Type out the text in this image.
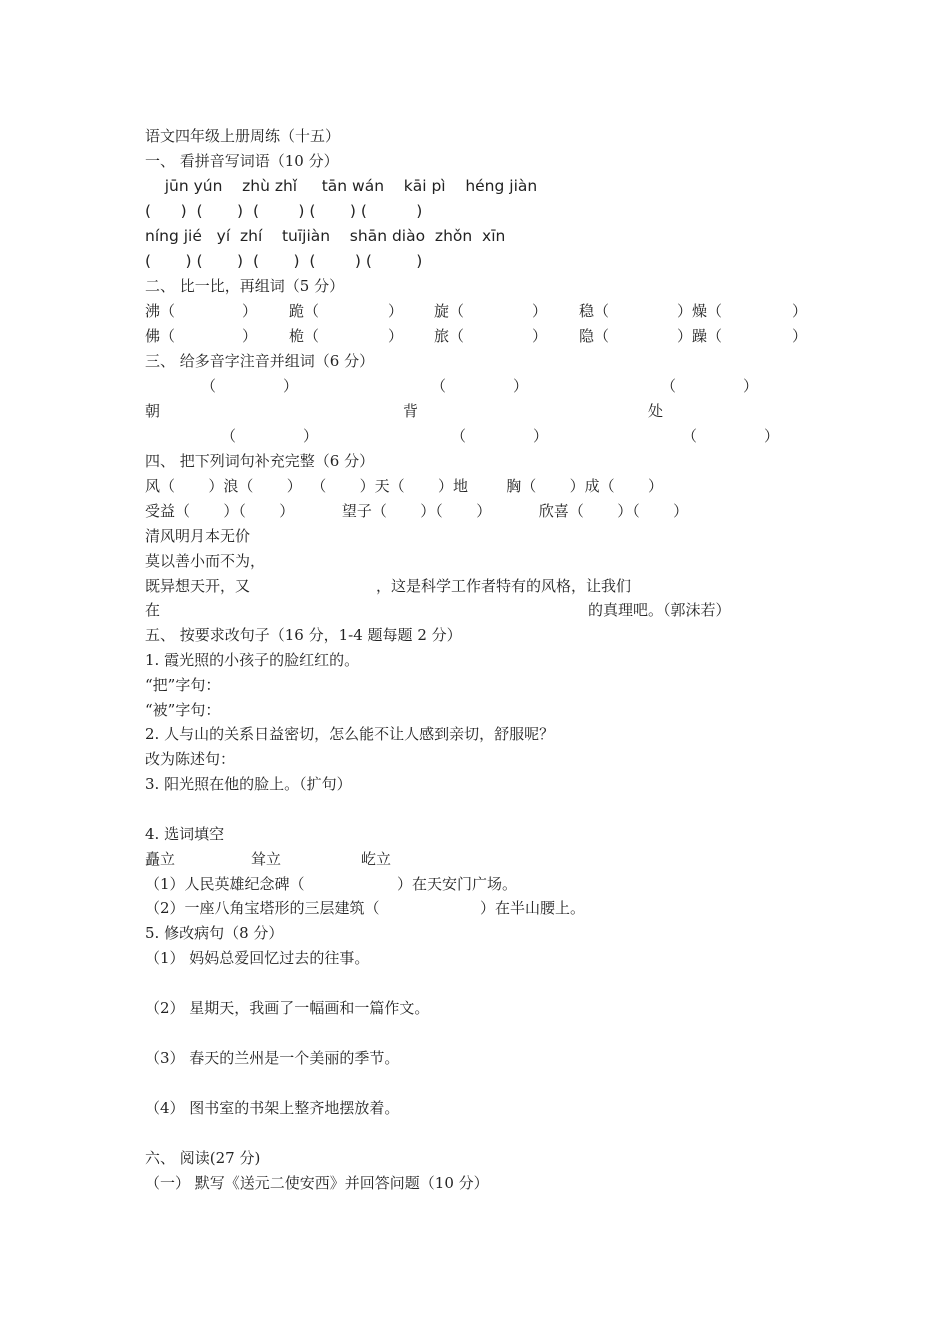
语文四年级上册周练（十五）
一、 看拼音写词语（10 分）
jūn yún    zhù zhǐ     tān wán    kāi pì    héng jiàn
(      )  (       )  (        ) (       ) (          )
níng jié   yí  zhí    tuījiàn    shān diào  zhǒn  xīn
(       ) (       )  (       )  (        ) (         )
二、 比一比，再组词（5 分）
沸（	） 跪（	） 旋（	） 稳（	）燥（	）
佛（	） 桅（	） 旅（	） 隐（	）躁（	）
三、 给多音字注音并组词（6 分）
（	）	（	）	（	）
朝	背	处
（	）	（	）	（	）
四、 把下列词句补充完整（6 分）
风（       ）浪（       ）  （       ）天（       ）地        胸（       ）成（       ）
受益（       ）（       ）          望子（       ）（       ）          欣喜（       ）（       ）
清风明月本无价
莫以善小而不为，
既异想天开，又	，这是科学工作者特有的风格，让我们
在	的真理吧。（郭沫若）
五、 按要求改句子（16 分，1-4 题每题 2 分）
1. 霞光照的小孩子的脸红红的。
“把”字句：
“被”字句：
2. 人与山的关系日益密切，怎么能不让人感到亲切，舒服呢？
改为陈述句：
3. 阳光照在他的脸上。（扩句）
4. 选词填空
矗立	耸立	屹立
（1）人民英雄纪念碑（	）在天安门广场。
（2）一座八角宝塔形的三层建筑（	）在半山腰上。
5. 修改病句（8 分）
（1） 妈妈总爱回忆过去的往事。
（2） 星期天，我画了一幅画和一篇作文。
（3） 春天的兰州是一个美丽的季节。
（4） 图书室的书架上整齐地摆放着。
六、 阅读(27 分)
（一） 默写《送元二使安西》并回答问题（10 分）
